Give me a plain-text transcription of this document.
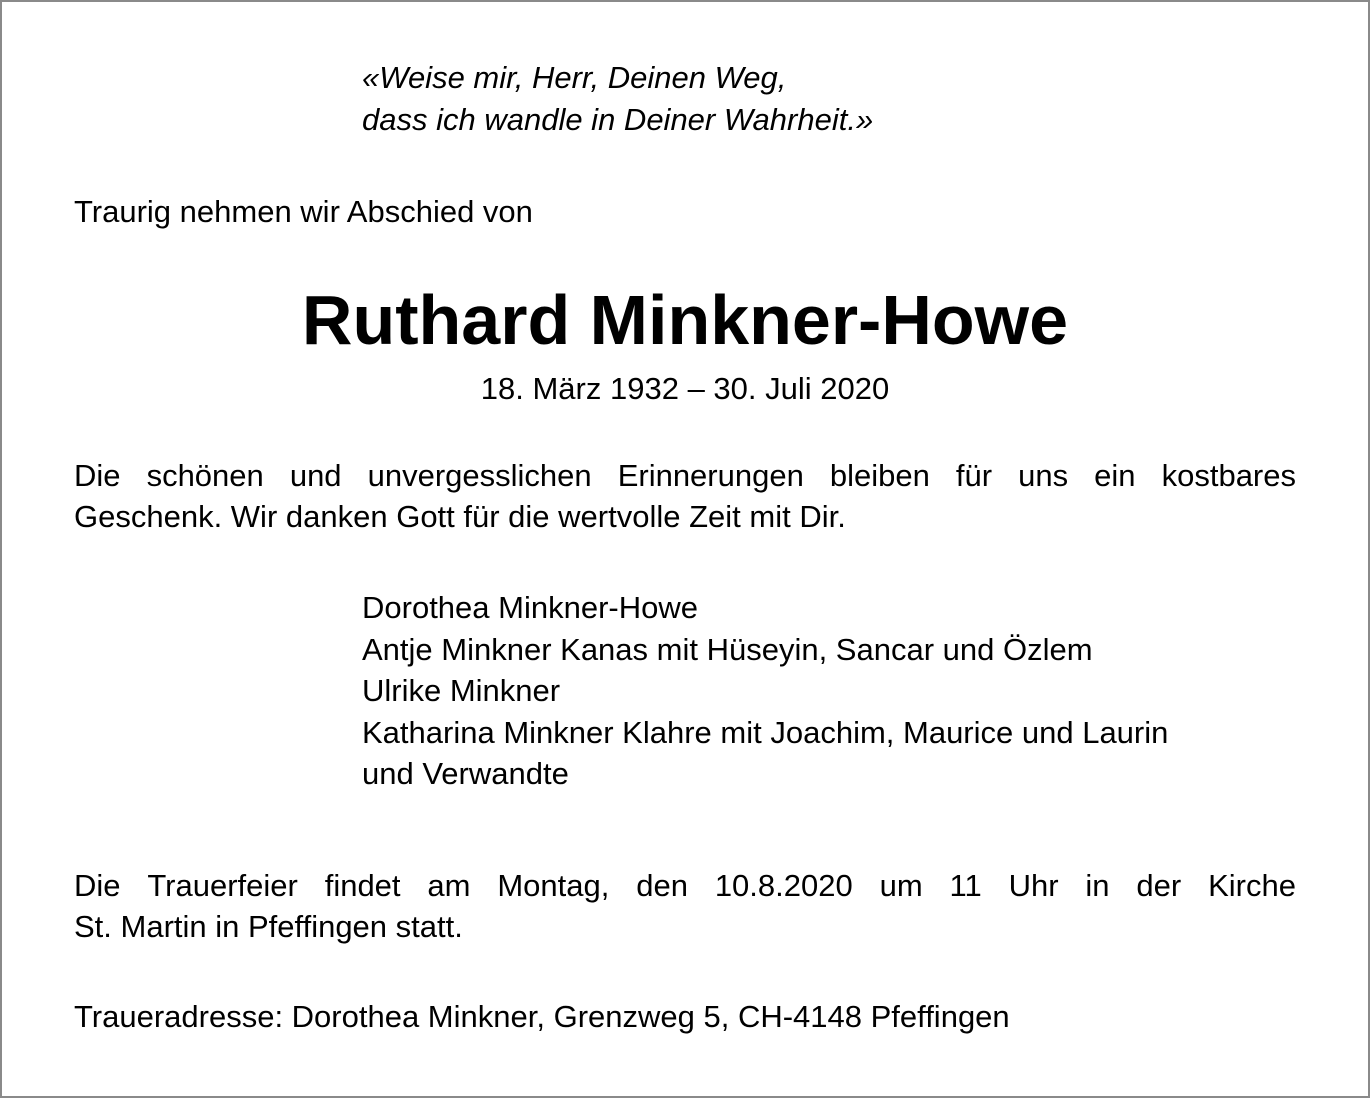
«Weise mir, Herr, Deinen Weg,
dass ich wandle in Deiner Wahrheit.»
Traurig nehmen wir Abschied von
Ruthard Minkner-Howe
18. März 1932 – 30. Juli 2020
Die schönen und unvergesslichen Erinnerungen bleiben für uns ein kostbares
Geschenk. Wir danken Gott für die wertvolle Zeit mit Dir.
Dorothea Minkner-Howe
Antje Minkner Kanas mit Hüseyin, Sancar und Özlem
Ulrike Minkner
Katharina Minkner Klahre mit Joachim, Maurice und Laurin
und Verwandte
Die Trauerfeier findet am Montag, den 10.8.2020 um 11 Uhr in der Kirche
St. Martin in Pfeffingen statt.
Traueradresse: Dorothea Minkner, Grenzweg 5, CH-4148 Pfeffingen
